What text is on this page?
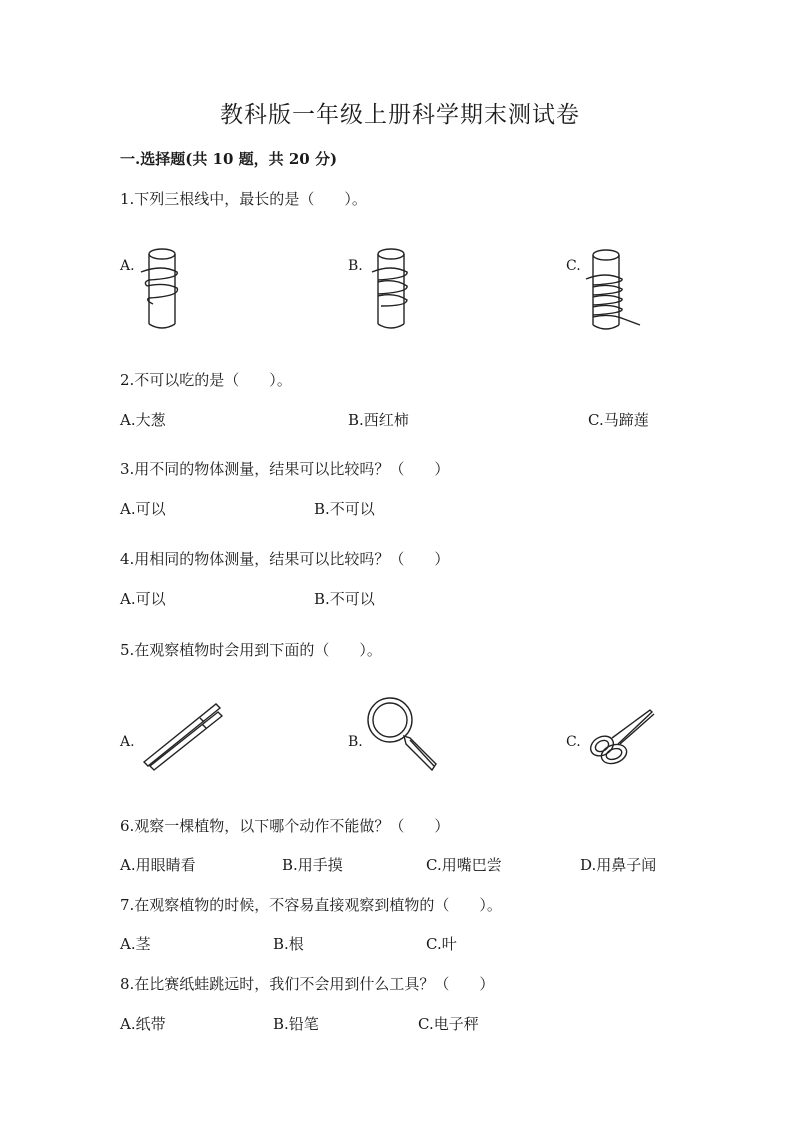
教科版一年级上册科学期末测试卷
一.选择题(共 10 题，共 20 分)
1.下列三根线中，最长的是（　　）。
A.	B.	C.
2.不可以吃的是（　　）。
A.大葱	B.西红柿	C.马蹄莲
3.用不同的物体测量，结果可以比较吗？（　　）
A.可以	B.不可以
4.用相同的物体测量，结果可以比较吗？（　　）
A.可以	B.不可以
5.在观察植物时会用到下面的（　　）。
A.	B.	C.
6.观察一棵植物，以下哪个动作不能做？（　　）
A.用眼睛看	B.用手摸	C.用嘴巴尝	D.用鼻子闻
7.在观察植物的时候，不容易直接观察到植物的（　　）。
A.茎	B.根	C.叶
8.在比赛纸蛙跳远时，我们不会用到什么工具？（　　）
A.纸带	B.铅笔	C.电子秤
